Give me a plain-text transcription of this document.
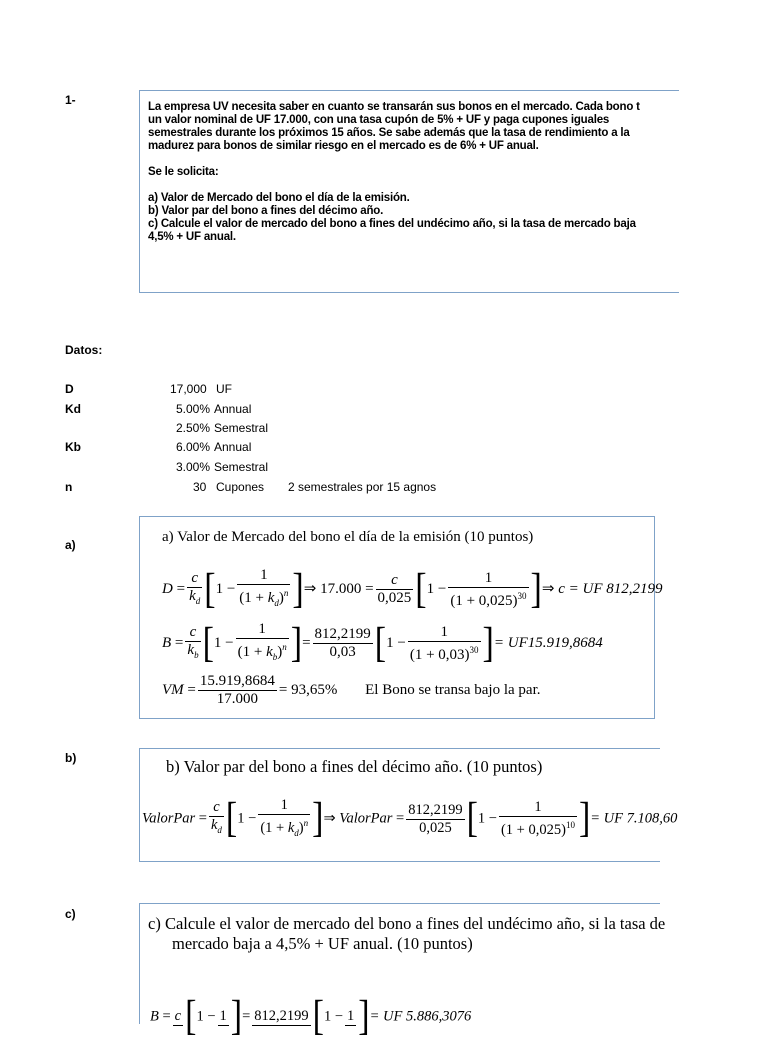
1-	La empresa UV necesita saber en cuanto se transarán sus bonos en el mercado. Cada bono t

un valor nominal de UF 17.000, con una tasa cupón de 5% + UF y paga cupones iguales

semestrales durante los próximos 15 años. Se sabe además que la tasa de rendimiento a la

madurez para bonos de similar riesgo en el mercado es de 6% + UF anual.

Se le solicita:

a) Valor de Mercado del bono el día de la emisión.

b) Valor par del bono a fines del décimo año.

c) Calcule el valor de mercado del bono a fines del undécimo año, si la tasa de mercado baja

4,5% + UF anual.

Datos:
D	17,000 UF
Kd	5.00% Annual
2.50% Semestral
Kb	6.00% Annual
3.00% Semestral
n	30 Cupones 2 semestrales por 15 agnos
a)	a) Valor de Mercado del bono el día de la emisión (10 puntos)
$D = \frac{c}{k_d} [1 - \frac{1}{(1 + k_d)^n}$ ]⇒ $17.000 = \frac{c}{0,025} [1 - \frac{1}{(1 + 0,025)^{30}}$ ]⇒ c = UF 812,2199
$B = \frac{c}{k_b} [1 - \frac{1}{(1 + k_b)^n}$ ]= $\frac{812,2199}{0,03} [1 - \frac{1}{(1 + 0,03)^{30}}$ ]= UF15.919,8684
VM = $\frac{15.919,8684}{17.000} = 93,65\%$ El Bono se transa bajo la par.
b)	b) Valor par del bono a fines del décimo año. (10 puntos)
ValorPar = $\frac{c}{k_d} [1 - \frac{1}{(1 + k_d)^n}$ ]⇒ ValorPar = $\frac{812,2199}{0,025} [1 - \frac{1}{(1 + 0,025)^{10}}$ ]= UF 7.108,60
c)	c) Calcule el valor de mercado del bono a fines del undécimo año, si la tasa de
mercado baja a 4,5% + UF anual. (10 puntos)
B = c [1 − 1 ]= 812,2199 [1 − 1 ]= UF 5.886,3076
